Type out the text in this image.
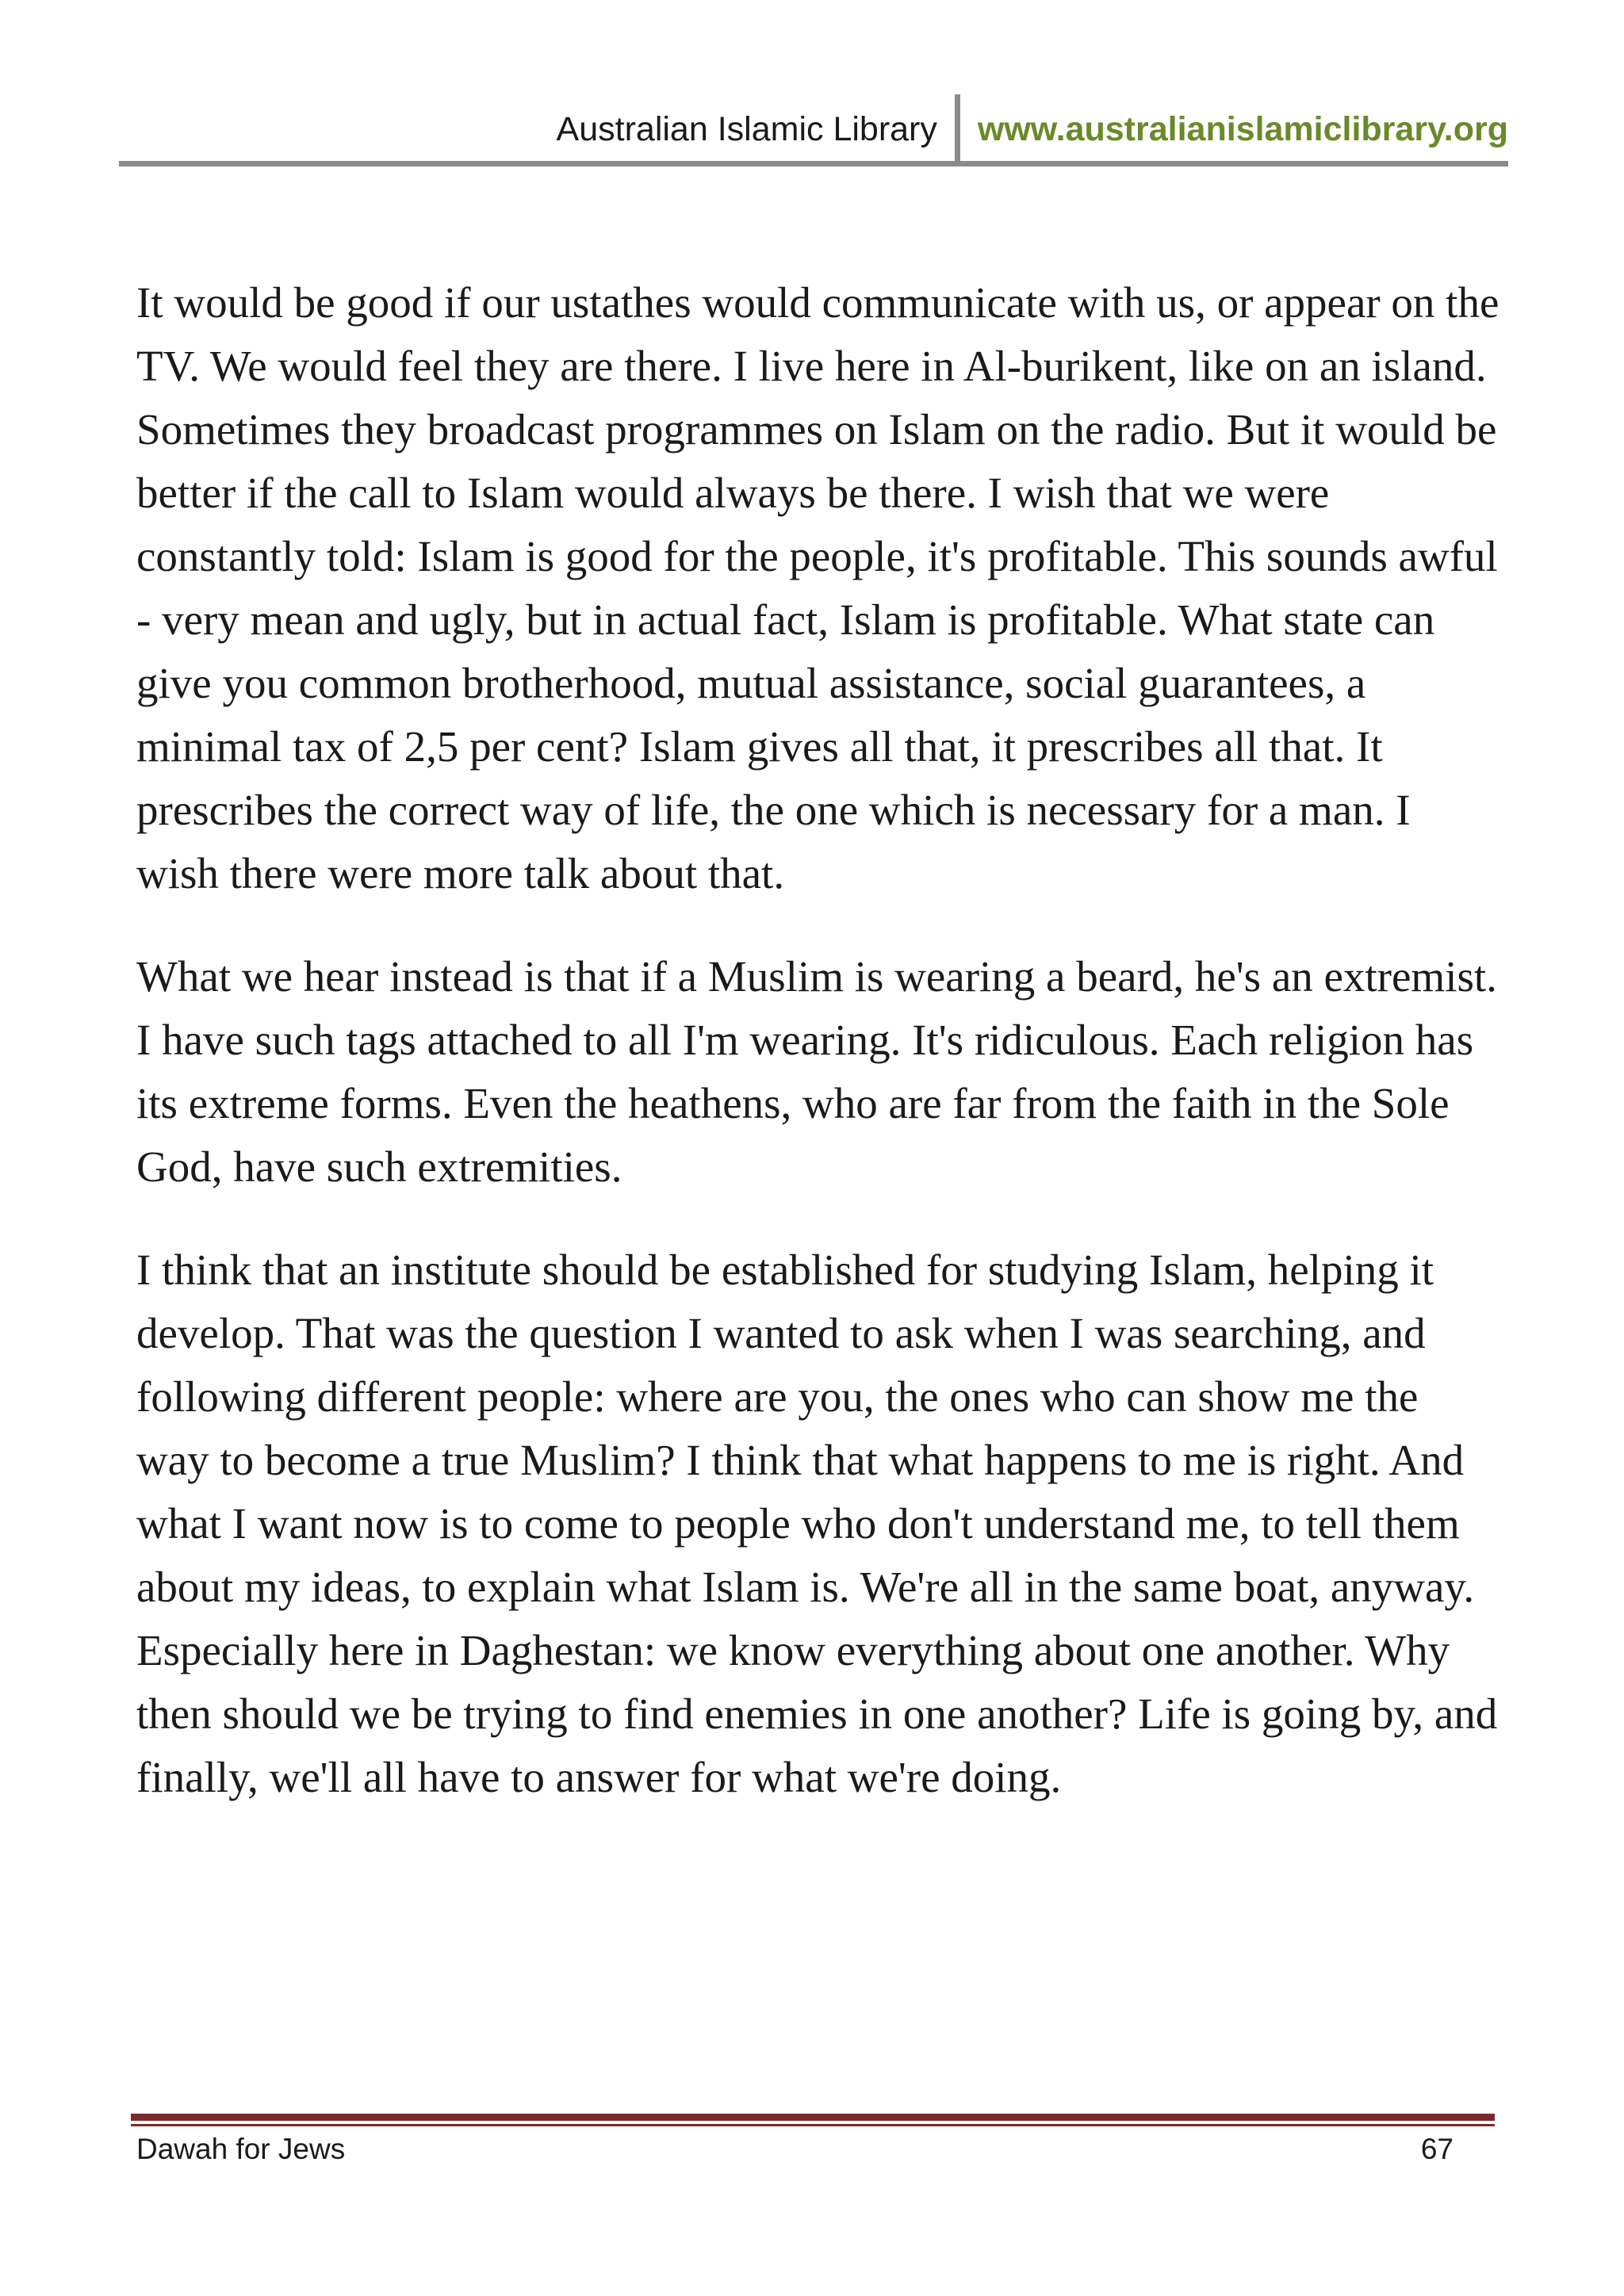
Australian Islamic Library	www.australianislamiclibrary.org

It would be good if our ustathes would communicate with us, or appear on the TV. We would feel they are there. I live here in Al-burikent, like on an island. Sometimes they broadcast programmes on Islam on the radio. But it would be better if the call to Islam would always be there. I wish that we were constantly told: Islam is good for the people, it's profitable. This sounds awful - very mean and ugly, but in actual fact, Islam is profitable. What state can give you common brotherhood, mutual assistance, social guarantees, a minimal tax of 2,5 per cent? Islam gives all that, it prescribes all that. It prescribes the correct way of life, the one which is necessary for a man. I wish there were more talk about that.

What we hear instead is that if a Muslim is wearing a beard, he's an extremist. I have such tags attached to all I'm wearing. It's ridiculous. Each religion has its extreme forms. Even the heathens, who are far from the faith in the Sole God, have such extremities.

I think that an institute should be established for studying Islam, helping it develop. That was the question I wanted to ask when I was searching, and following different people: where are you, the ones who can show me the way to become a true Muslim? I think that what happens to me is right. And what I want now is to come to people who don't understand me, to tell them about my ideas, to explain what Islam is. We're all in the same boat, anyway. Especially here in Daghestan: we know everything about one another. Why then should we be trying to find enemies in one another? Life is going by, and finally, we'll all have to answer for what we're doing.

Dawah for Jews	67
